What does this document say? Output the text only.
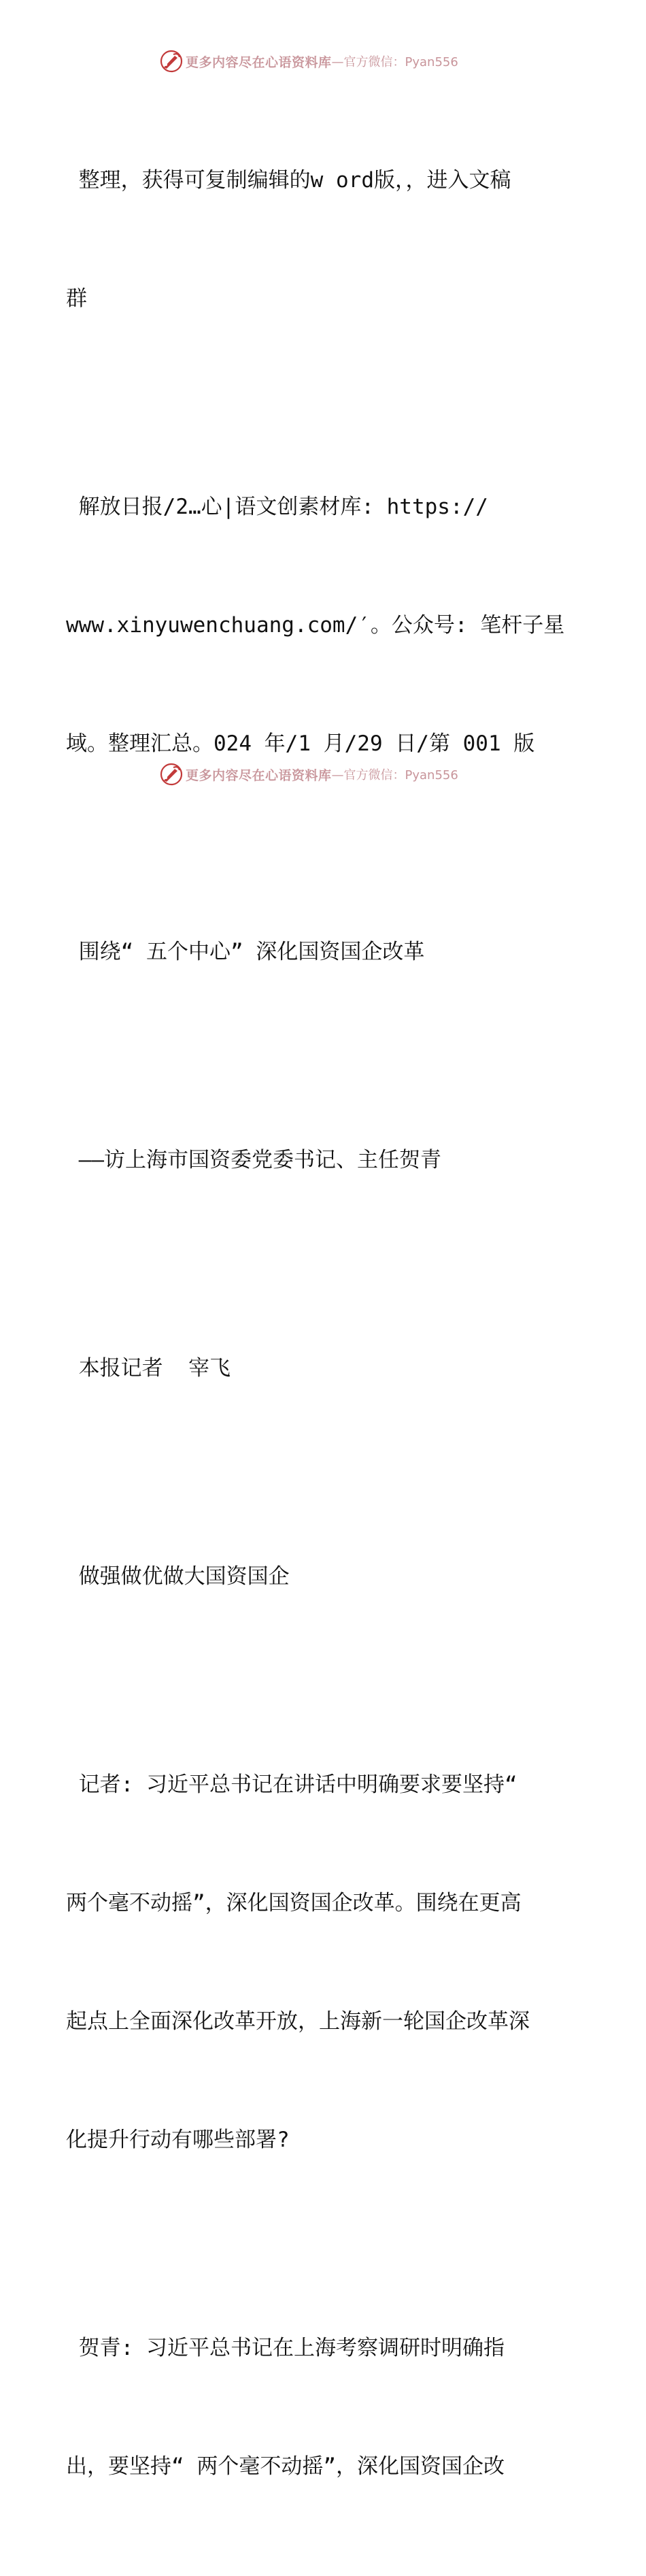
更多内容尽在心语资料库 —官方微信：Pyan556

整理，获得可复制编辑的w ord版，，进入文稿

群

解放日报/2…心|语文创素材库: https://

www.xinyuwenchuang.com/′。公众号: 笔杆子星

域。整理汇总。024 年/1 月/29 日/第 001 版

围绕“ 五个中心” 深化国资国企改革

——访上海市国资委党委书记、主任贺青

本报记者  宰飞

做强做优做大国资国企

记者: 习近平总书记在讲话中明确要求要坚持“

两个毫不动摇”，深化国资国企改革。围绕在更高

起点上全面深化改革开放，上海新一轮国企改革深

化提升行动有哪些部署?

贺青: 习近平总书记在上海考察调研时明确指

出，要坚持“ 两个毫不动摇”，深化国资国企改

更多内容尽在心语资料库 —官方微信：Pyan556
